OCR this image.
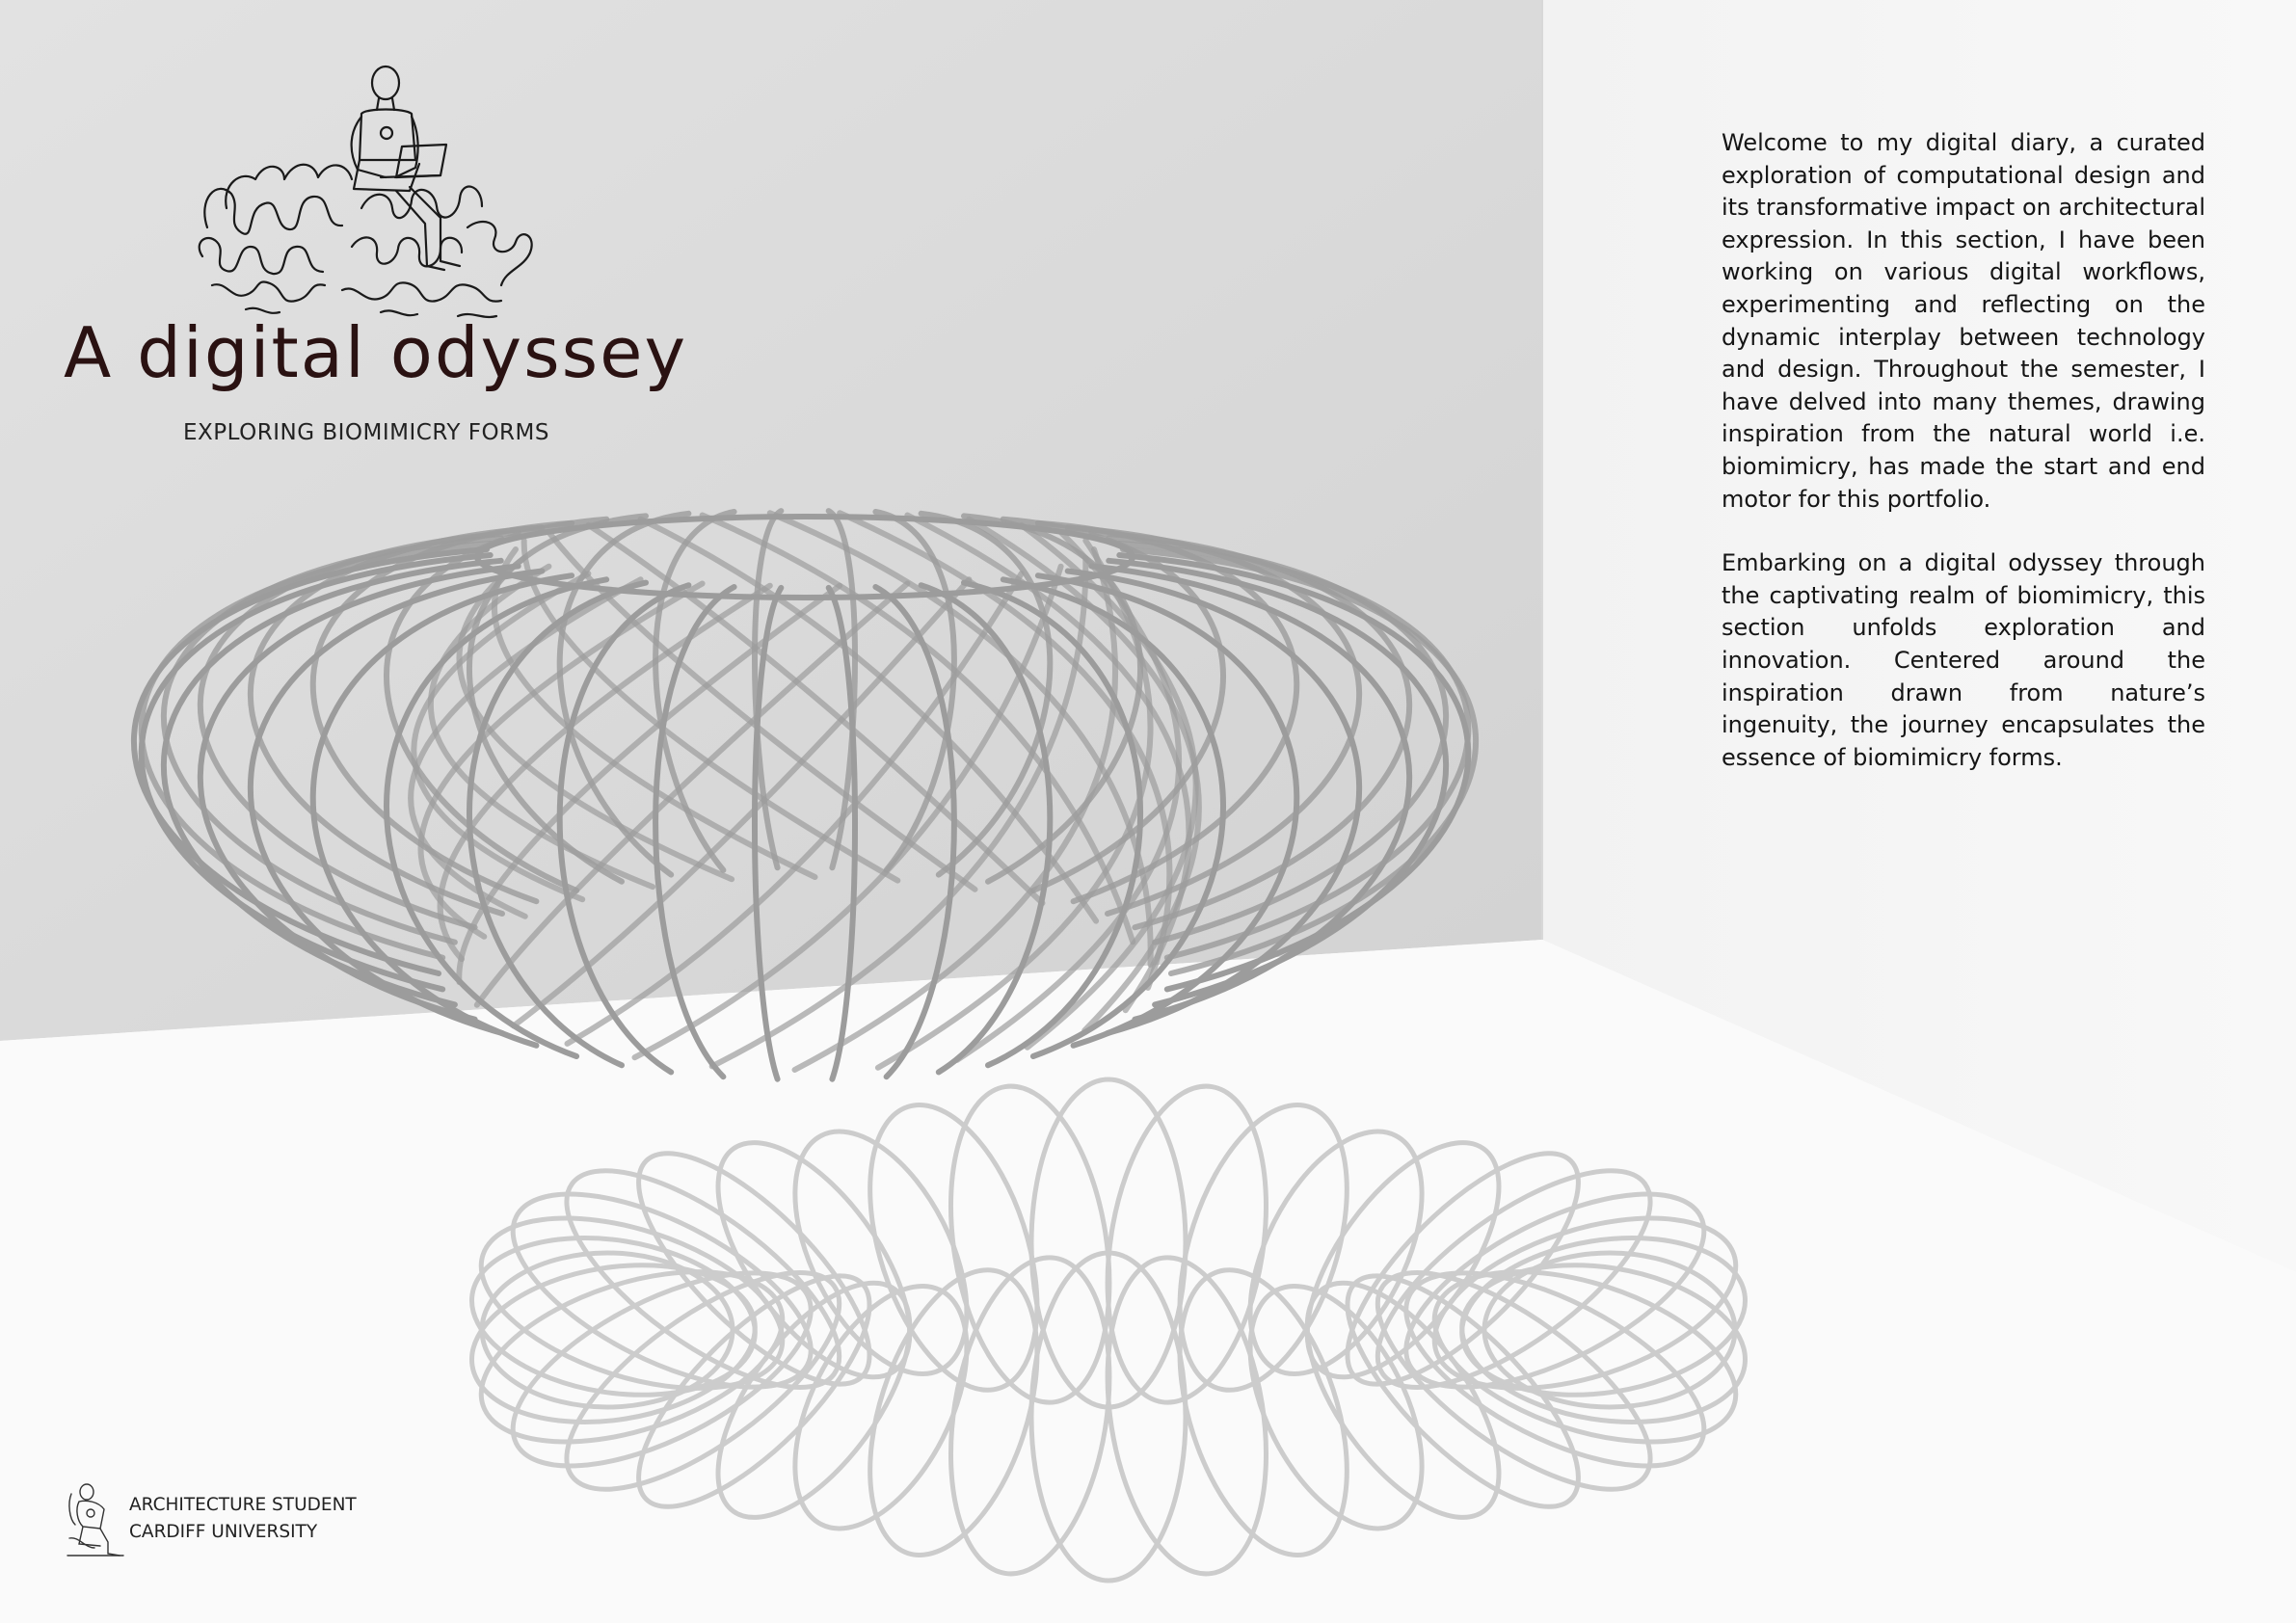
A digital odyssey
EXPLORING BIOMIMICRY FORMS

Welcome to my digital diary, a curated exploration of computational design and its transformative impact on architectural expression. In this section, I have been working on various digital workflows, experimenting and reflecting on the dynamic interplay between technology and design. Throughout the semester, I have delved into many themes, drawing inspiration from the natural world i.e. biomimicry, has made the start and end motor for this portfolio.

Embarking on a digital odyssey through the captivating realm of biomimicry, this section unfolds exploration and innovation. Centered around the inspiration drawn from nature’s ingenuity, the journey encapsulates the essence of biomimicry forms.

ARCHITECTURE STUDENT
CARDIFF UNIVERSITY
